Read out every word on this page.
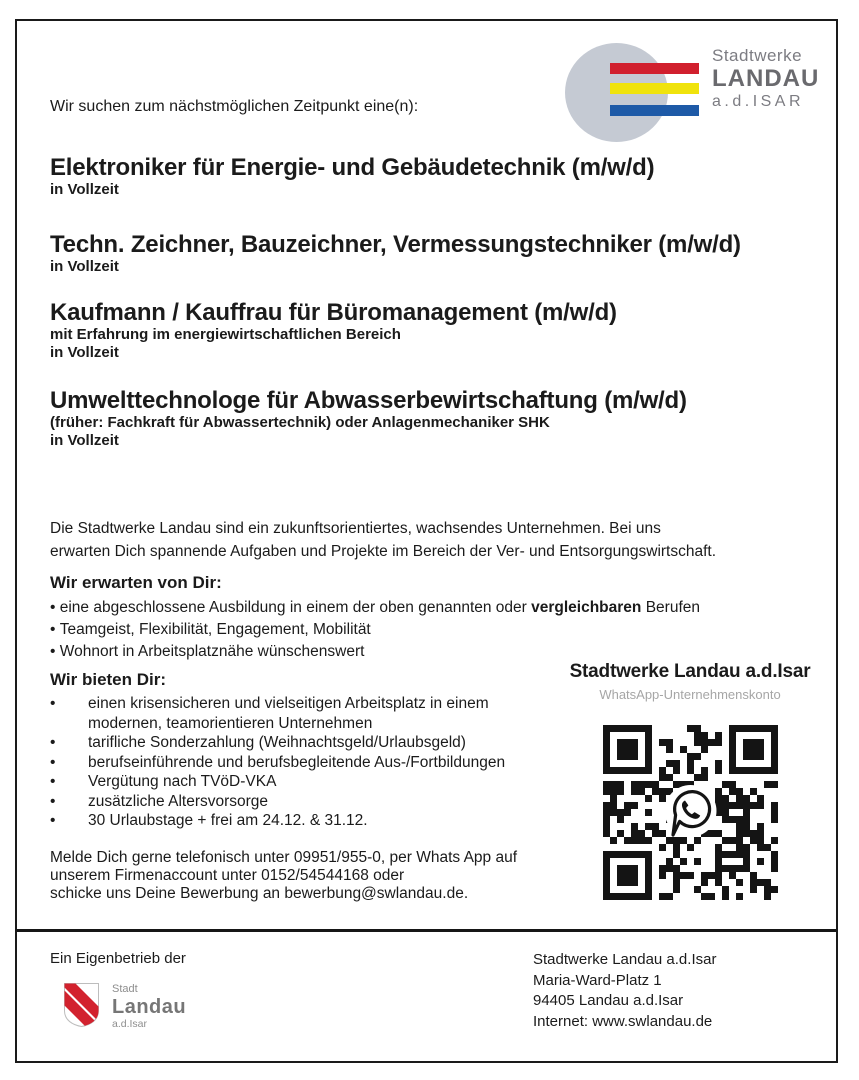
Wir suchen zum nächstmöglichen Zeitpunkt eine(n):
Stadtwerke
LANDAU
a.d.ISAR
Elektroniker für Energie- und Gebäudetechnik (m/w/d)
in Vollzeit
Techn. Zeichner, Bauzeichner, Vermessungstechniker (m/w/d)
in Vollzeit
Kaufmann / Kauffrau für Büromanagement (m/w/d)
mit Erfahrung im energiewirtschaftlichen Bereich
in Vollzeit
Umwelttechnologe für Abwasserbewirtschaftung (m/w/d)
(früher: Fachkraft für Abwassertechnik) oder Anlagenmechaniker SHK
in Vollzeit
Die Stadtwerke Landau sind ein zukunftsorientiertes, wachsendes Unternehmen. Bei uns
erwarten Dich spannende Aufgaben und Projekte im Bereich der Ver- und Entsorgungswirtschaft.
Wir erwarten von Dir:
• eine abgeschlossene Ausbildung in einem der oben genannten oder vergleichbaren Berufen
• Teamgeist, Flexibilität, Engagement, Mobilität
• Wohnort in Arbeitsplatznähe wünschenswert
Wir bieten Dir:
•
einen krisensicheren und vielseitigen Arbeitsplatz in einem modernen, teamorientieren Unternehmen
•
tarifliche Sonderzahlung (Weihnachtsgeld/Urlaubsgeld)
•
berufseinführende und berufsbegleitende Aus-/Fortbildungen
•
Vergütung nach TVöD-VKA
•
zusätzliche Altersvorsorge
•
30 Urlaubstage + frei am 24.12. & 31.12.
Melde Dich gerne telefonisch unter 09951/955-0, per Whats App auf
unserem Firmenaccount unter 0152/54544168 oder
schicke uns Deine Bewerbung an bewerbung@swlandau.de.
Stadtwerke Landau a.d.Isar
WhatsApp-Unternehmenskonto
Ein Eigenbetrieb der
Stadt
Landau
a.d.Isar
Stadtwerke Landau a.d.Isar
Maria-Ward-Platz 1
94405 Landau a.d.Isar
Internet: www.swlandau.de
